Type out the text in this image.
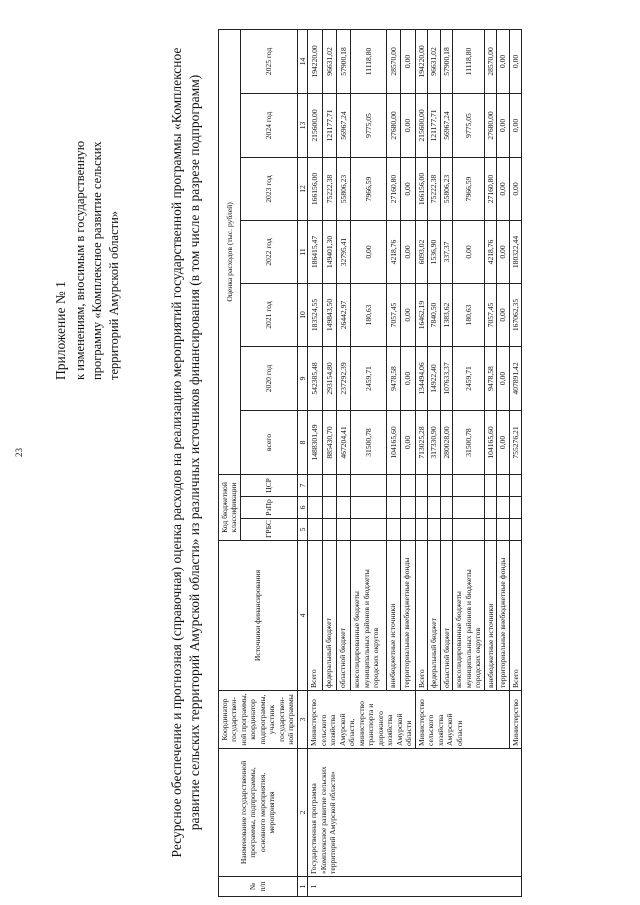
23
Приложение № 1 к изменениям, вносимым в государственную программу «Комплексное развитие сельских территорий Амурской области»	Ресурсное обеспечение и прогнозная (справочная) оценка расходов на реализацию мероприятий государственной программы «Комплексное развитие сельских территорий Амурской области» из различных источников финансирования (в том числе в разрезе подпрограмм)
№ п/п	Наименование государственной программы, подпрограммы, основного мероприятия, мероприятия	Координатор государствен-ной программы, координатор подпрограммы, участник государствен-ной программы	Источники финансирования	Код бюджетной классификации			Оценка расходов (тыс. рублей)						
				ГРБС	РзПр	ЦСР	всего	2020 год	2021 год	2022 год	2023 год	2024 год	2025 год

1	2	3	4	5	6	7	8	9	10	11	12	13	14
1	Государственная программа «Комплексное развитие сельских территорий Амурской области»	Министерство сельского хозяйства Амурской области, министерство транспорта и дорожного хозяйства Амурской области	Всего				1488301,49	542385,48	183524,55	186415,47	166156,00	215600,00	194220,00
			федеральный бюджет				885430,70	293154,80	149843,50	149401,30	75222,38	121177,71	96631,02
			областной бюджет				467204,41	237292,39	26442,97	32795,41	55806,23	56967,24	57900,18
			консолидированные бюджеты муниципальных районов и бюджеты городских округов				31500,78	2459,71	180,63	0,00	7966,59	9775,05	11118,80
			внебюджетные источники				104165,60	9478,58	7057,45	4218,76	27160,80	27680,00	28570,00
			территориальные внебюджетные фонды				0,00	0,00	0,00	0,00	0,00	0,00	0,00
		Министерство сельского хозяйства Амурской области	Всего				713025,28	134494,06	16462,19	6093,02	166156,00	215600,00	194220,00
			федеральный бюджет				317330,90	14922,40	7840,50	1536,90	75222,38	121177,71	96631,02
			областной бюджет				280028,00	107633,37	1383,62	337,37	55806,23	56967,24	57900,18
			консолидированные бюджеты муниципальных районов и бюджеты городских округов				31500,78	2459,71	180,63	0,00	7966,59	9775,05	11118,80
			внебюджетные источники				104165,60	9478,58	7057,45	4218,76	27160,80	27680,00	28570,00
			территориальные внебюджетные фонды				0,00	0,00	0,00	0,00	0,00	0,00	0,00
		Министерство	Всего				755276,21	407891,42	167062,35	180322,44	0,00	0,00	0,00
